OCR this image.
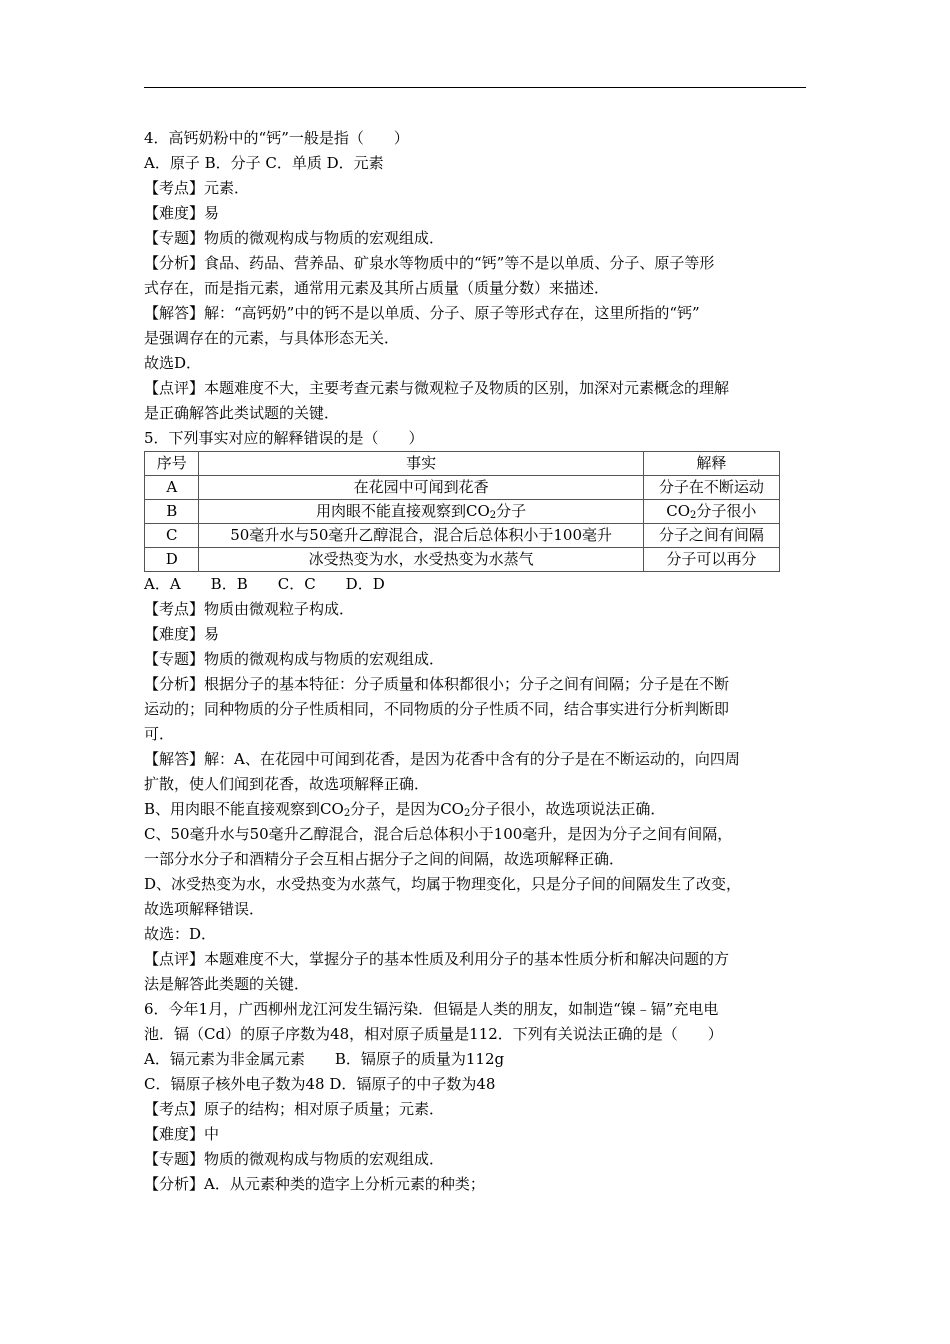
4．高钙奶粉中的“钙”一般是指（　　）

A．原子 B．分子 C．单质 D．元素

【考点】元素．

【难度】易

【专题】物质的微观构成与物质的宏观组成．

【分析】食品、药品、营养品、矿泉水等物质中的“钙”等不是以单质、分子、原子等形

式存在，而是指元素，通常用元素及其所占质量（质量分数）来描述．

【解答】解：“高钙奶”中的钙不是以单质、分子、原子等形式存在，这里所指的“钙”

是强调存在的元素，与具体形态无关．

故选D．

【点评】本题难度不大，主要考查元素与微观粒子及物质的区别，加深对元素概念的理解

是正确解答此类试题的关键．

5．下列事实对应的解释错误的是（　　）

序号	事实	解释
A	在花园中可闻到花香	分子在不断运动
B	用肉眼不能直接观察到$CO_2$分子	$CO_2$分子很小
C	50毫升水与50毫升乙醇混合，混合后总体积小于100毫升	分子之间有间隔
D	冰受热变为水，水受热变为水蒸气	分子可以再分

A．A　　B．B　　C．C　　D．D

【考点】物质由微观粒子构成．

【难度】易

【专题】物质的微观构成与物质的宏观组成．

【分析】根据分子的基本特征：分子质量和体积都很小；分子之间有间隔；分子是在不断

运动的；同种物质的分子性质相同，不同物质的分子性质不同，结合事实进行分析判断即

可．

【解答】解：A、在花园中可闻到花香，是因为花香中含有的分子是在不断运动的，向四周

扩散，使人们闻到花香，故选项解释正确．

B、用肉眼不能直接观察到$CO_2$分子，是因为$CO_2$分子很小，故选项说法正确．

C、50毫升水与50毫升乙醇混合，混合后总体积小于100毫升，是因为分子之间有间隔，

一部分水分子和酒精分子会互相占据分子之间的间隔，故选项解释正确．

D、冰受热变为水，水受热变为水蒸气，均属于物理变化，只是分子间的间隔发生了改变，

故选项解释错误．

故选：D．

【点评】本题难度不大，掌握分子的基本性质及利用分子的基本性质分析和解决问题的方

法是解答此类题的关键．

6．今年1月，广西柳州龙江河发生镉污染．但镉是人类的朋友，如制造“镍﹣镉”充电电

池．镉（Cd）的原子序数为48，相对原子质量是112．下列有关说法正确的是（　　）

A．镉元素为非金属元素　　B．镉原子的质量为112g

C．镉原子核外电子数为48 D．镉原子的中子数为48

【考点】原子的结构；相对原子质量；元素．

【难度】中

【专题】物质的微观构成与物质的宏观组成．

【分析】A．从元素种类的造字上分析元素的种类；
